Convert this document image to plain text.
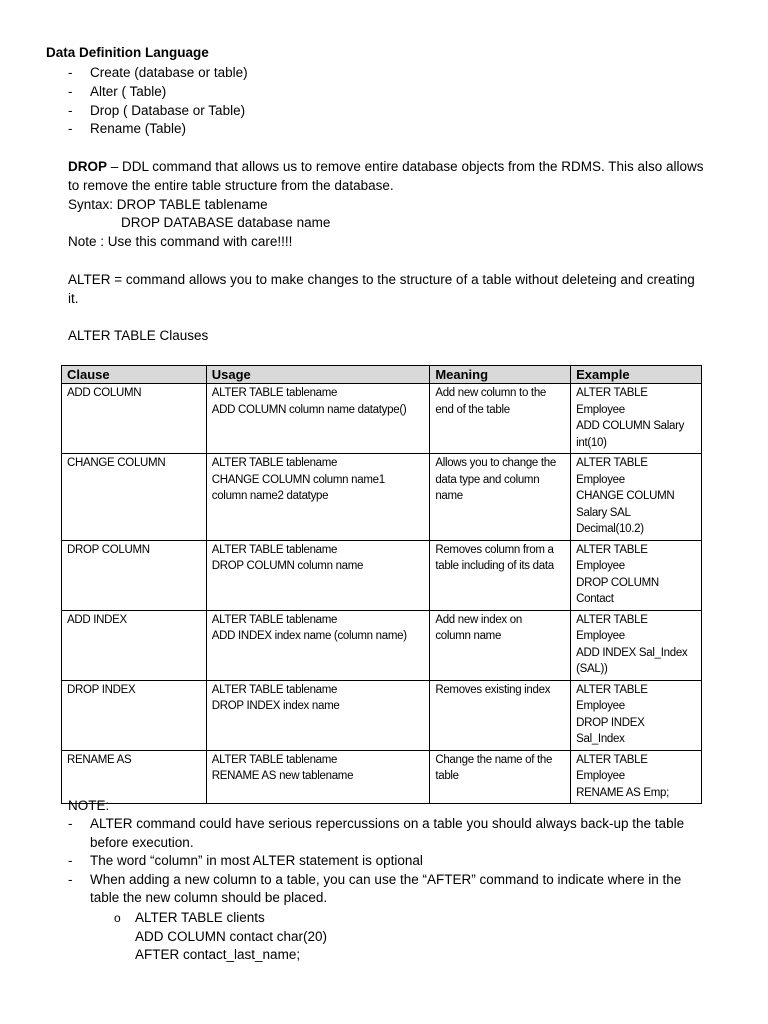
Data Definition Language
- Create (database or table)
- Alter ( Table)
- Drop ( Database or Table)
- Rename (Table)
DROP – DDL command that allows us to remove entire database objects from the RDMS. This also allows
to remove the entire table structure from the database.
Syntax: DROP TABLE tablename
DROP DATABASE database name
Note : Use this command with care!!!!
ALTER = command allows you to make changes to the structure of a table without deleteing and creating
it.
ALTER TABLE Clauses
Clause	Usage	Meaning	Example
ADD COLUMN	ALTER TABLE tablename
ADD COLUMN column name datatype()	Add new column to the
end of the table	ALTER TABLE
Employee
ADD COLUMN Salary
int(10)

CHANGE COLUMN	ALTER TABLE tablename
CHANGE COLUMN column name1
column name2 datatype	Allows you to change the
data type and column
name	ALTER TABLE
Employee
CHANGE COLUMN
Salary SAL
Decimal(10.2)

DROP COLUMN	ALTER TABLE tablename
DROP COLUMN column name	Removes column from a
table including of its data	ALTER TABLE
Employee
DROP COLUMN
Contact

ADD INDEX	ALTER TABLE tablename
ADD INDEX index name (column name)	Add new index on
column name	ALTER TABLE
Employee
ADD INDEX Sal_Index
(SAL))

DROP INDEX	ALTER TABLE tablename
DROP INDEX index name	Removes existing index	ALTER TABLE
Employee
DROP INDEX
Sal_Index

RENAME AS	ALTER TABLE tablename
RENAME AS new tablename	Change the name of the
table	ALTER TABLE
Employee
RENAME AS Emp;
NOTE:
- ALTER command could have serious repercussions on a table you should always back-up the table
before execution.
- The word “column” in most ALTER statement is optional
- When adding a new column to a table, you can use the “AFTER” command to indicate where in the
table the new column should be placed.
o	ALTER TABLE clients
ADD COLUMN contact char(20)
AFTER contact_last_name;
